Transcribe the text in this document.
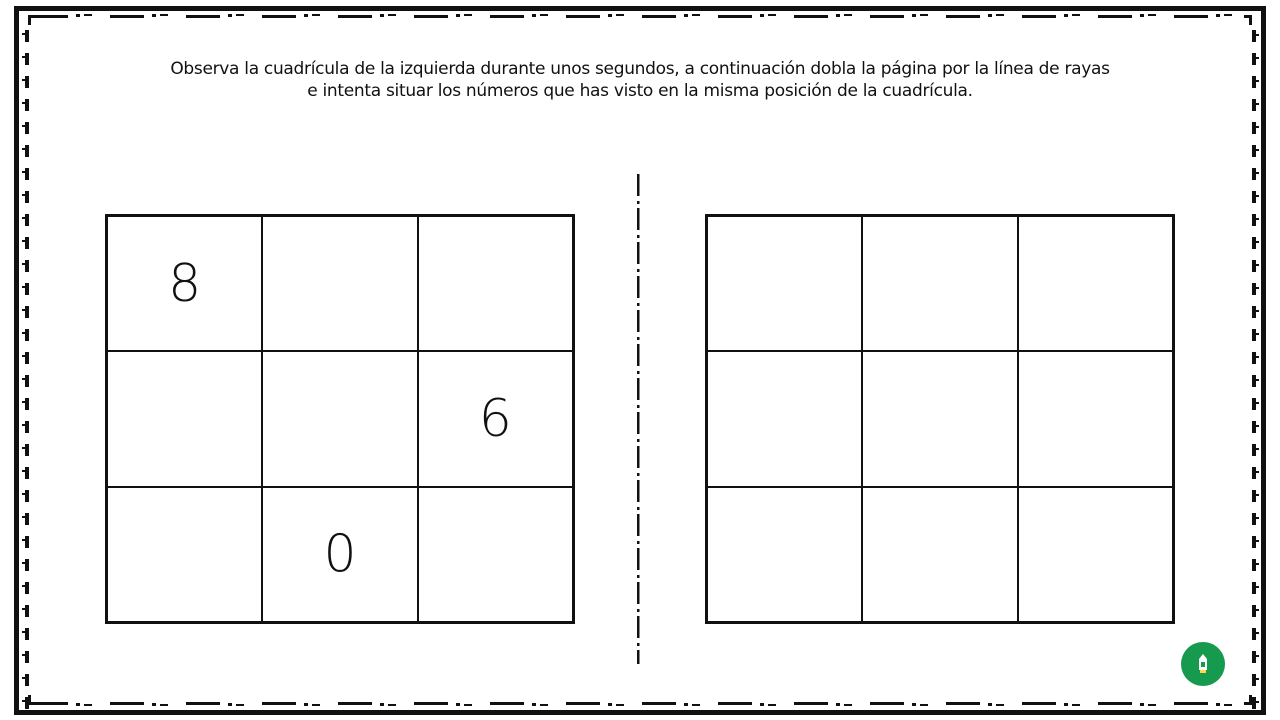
Observa la cuadrícula de la izquierda durante unos segundos, a continuación dobla la página por la línea de rayas
e intenta situar los números que has visto en la misma posición de la cuadrícula.
8
6
0
